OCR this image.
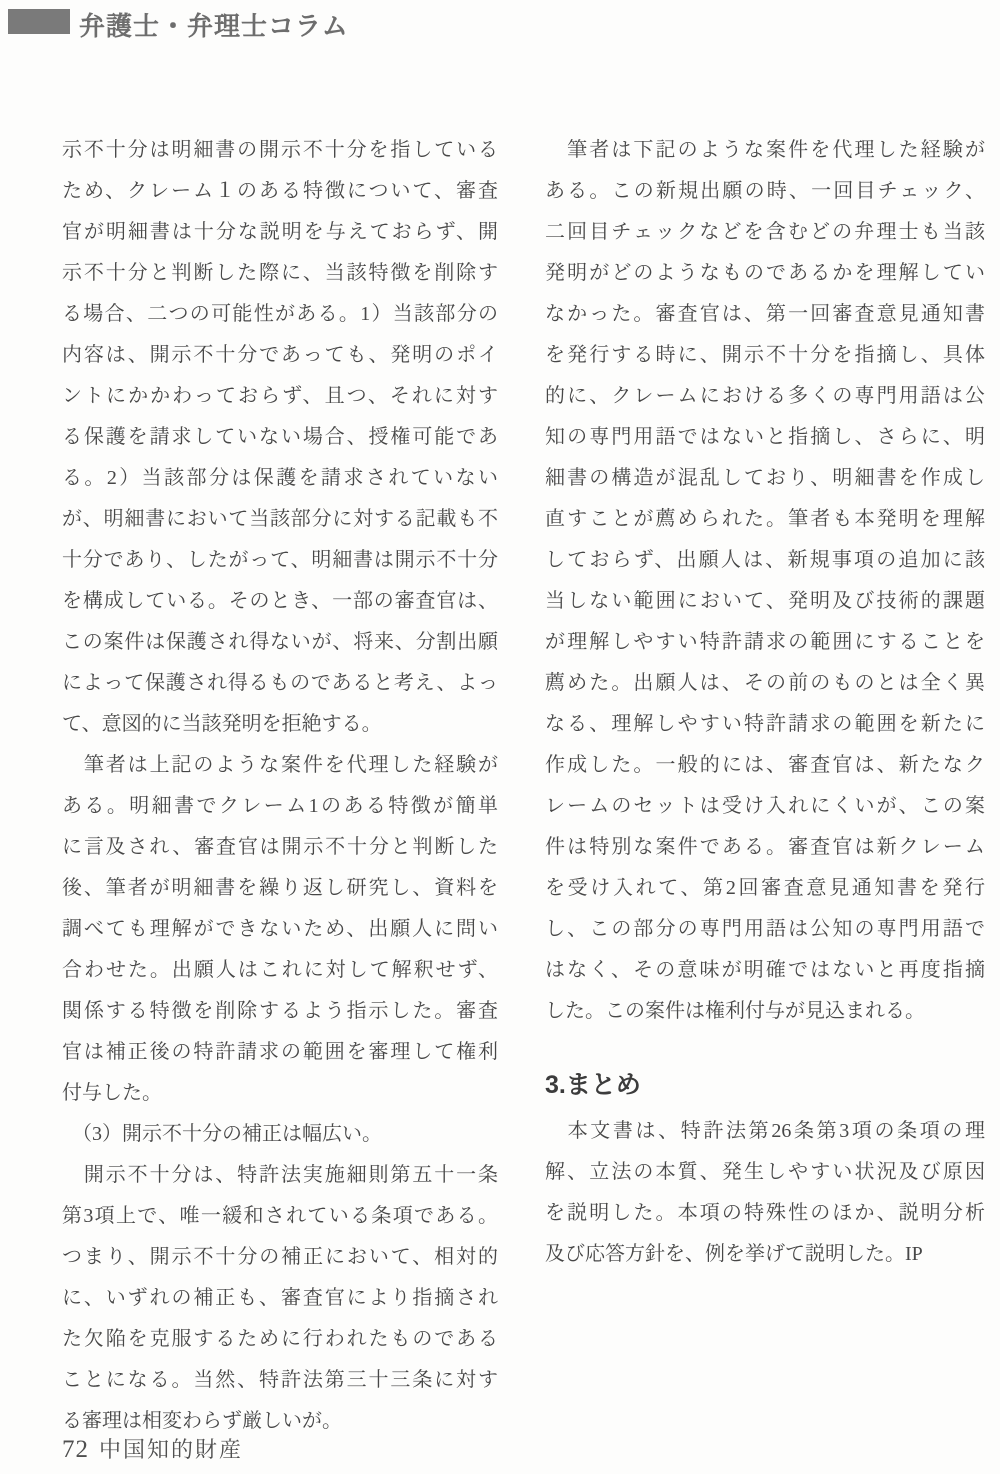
弁護士・弁理士コラム
示不十分は明細書の開示不十分を指している
ため、クレーム１のある特徴について、審査
官が明細書は十分な説明を与えておらず、開
示不十分と判断した際に、当該特徴を削除す
る場合、二つの可能性がある。1）当該部分の
内容は、開示不十分であっても、発明のポイ
ントにかかわっておらず、且つ、それに対す
る保護を請求していない場合、授権可能であ
る。2）当該部分は保護を請求されていない
が、明細書において当該部分に対する記載も不
十分であり、したがって、明細書は開示不十分
を構成している。そのとき、一部の審査官は、
この案件は保護され得ないが、将来、分割出願
によって保護され得るものであると考え、よっ
て、意図的に当該発明を拒絶する。
　筆者は上記のような案件を代理した経験が
ある。明細書でクレーム1のある特徴が簡単
に言及され、審査官は開示不十分と判断した
後、筆者が明細書を繰り返し研究し、資料を
調べても理解ができないため、出願人に問い
合わせた。出願人はこれに対して解釈せず、
関係する特徴を削除するよう指示した。審査
官は補正後の特許請求の範囲を審理して権利
付与した。
　（3）開示不十分の補正は幅広い。
　開示不十分は、特許法実施細則第五十一条
第3項上で、唯一緩和されている条項である。
つまり、開示不十分の補正において、相対的
に、いずれの補正も、審査官により指摘され
た欠陥を克服するために行われたものである
ことになる。当然、特許法第三十三条に対す
る審理は相変わらず厳しいが。
　筆者は下記のような案件を代理した経験が
ある。この新規出願の時、一回目チェック、
二回目チェックなどを含むどの弁理士も当該
発明がどのようなものであるかを理解してい
なかった。審査官は、第一回審査意見通知書
を発行する時に、開示不十分を指摘し、具体
的に、クレームにおける多くの専門用語は公
知の専門用語ではないと指摘し、さらに、明
細書の構造が混乱しており、明細書を作成し
直すことが薦められた。筆者も本発明を理解
しておらず、出願人は、新規事項の追加に該
当しない範囲において、発明及び技術的課題
が理解しやすい特許請求の範囲にすることを
薦めた。出願人は、その前のものとは全く異
なる、理解しやすい特許請求の範囲を新たに
作成した。一般的には、審査官は、新たなク
レームのセットは受け入れにくいが、この案
件は特別な案件である。審査官は新クレーム
を受け入れて、第2回審査意見通知書を発行
し、この部分の専門用語は公知の専門用語で
はなく、その意味が明確ではないと再度指摘
した。この案件は権利付与が見込まれる。
3.まとめ
　本文書は、特許法第26条第3項の条項の理
解、立法の本質、発生しやすい状況及び原因
を説明した。本項の特殊性のほか、説明分析
及び応答方針を、例を挙げて説明した。IP
72 中国知的財産
